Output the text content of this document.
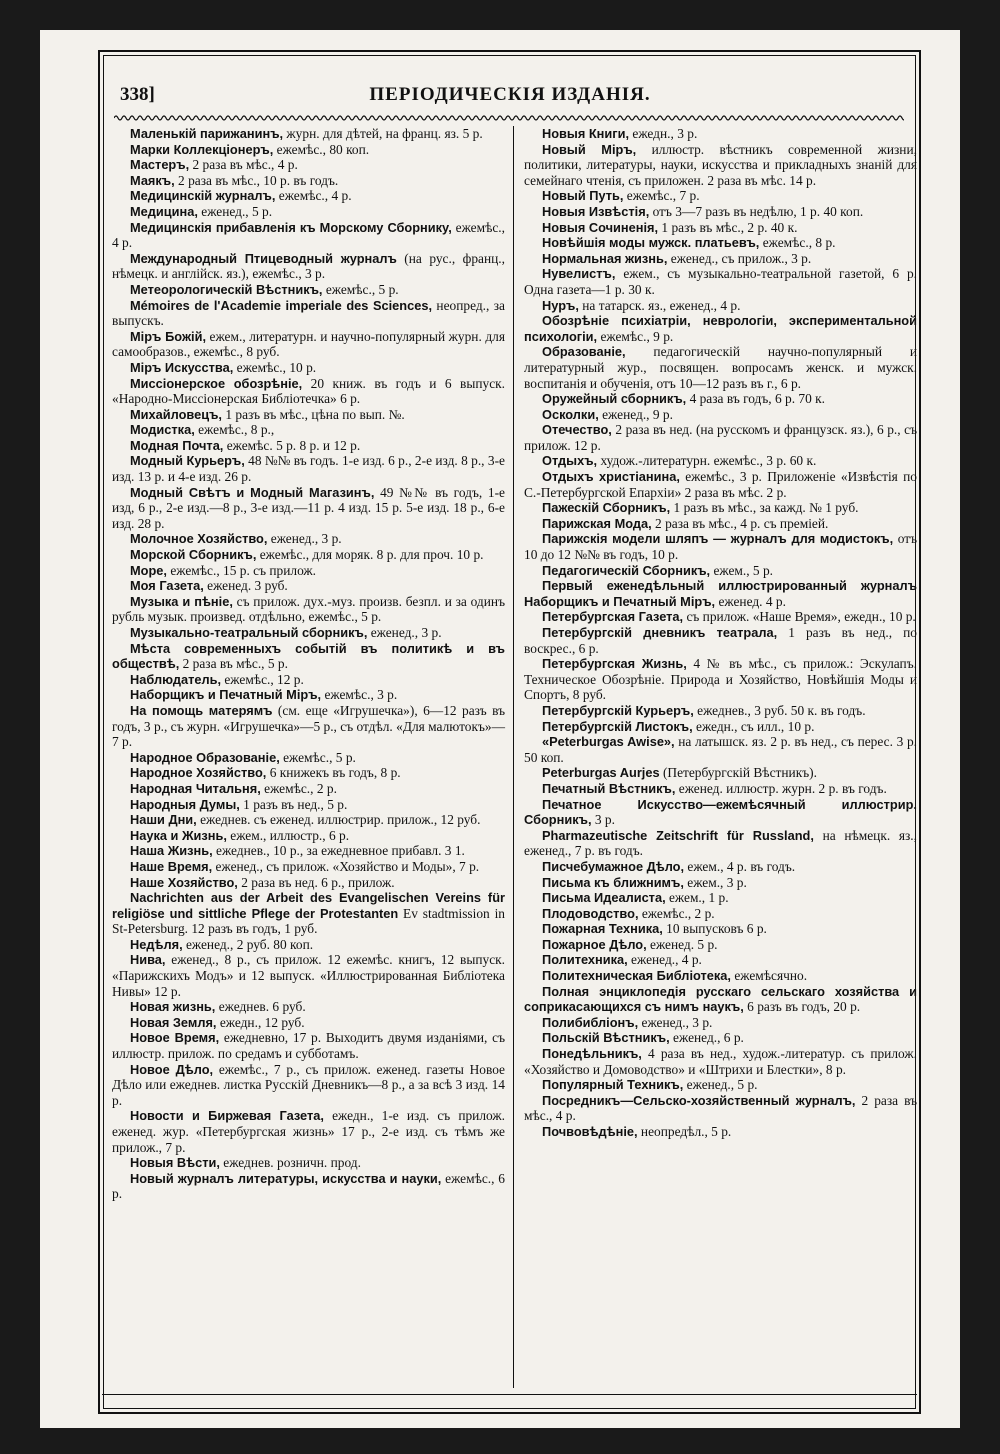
338]	ПЕРІОДИЧЕСКІЯ ИЗДАНІЯ.

Маленькій парижанинъ, журн. для дѣтей, на франц. яз. 5 р.

Марки Коллекціонеръ, ежемѣс., 80 коп.

Мастеръ, 2 раза въ мѣс., 4 р.

Маякъ, 2 раза въ мѣс., 10 р. въ годъ.

Медицинскій журналъ, ежемѣс., 4 р.

Медицина, еженед., 5 р.

Медицинскія прибавленія къ Морскому Сборнику, ежемѣс., 4 р.

Международный Птицеводный журналъ (на рус., франц., нѣмецк. и англійск. яз.), ежемѣс., 3 р.

Метеорологическій Вѣстникъ, ежемѣс., 5 р.

Mémoires de l'Academie imperiale des Sciences, неопред., за выпускъ.

Міръ Божій, ежем., литературн. и научно-популярный журн. для самообразов., ежемѣс., 8 руб.

Міръ Искусства, ежемѣс., 10 р.

Миссіонерское обозрѣніе, 20 книж. въ годъ и 6 выпуск. «Народно-Миссіонерская Библіотечка» 6 р.

Михайловецъ, 1 разъ въ мѣс., цѣна по вып. №.

Модистка, ежемѣс., 8 р.,

Модная Почта, ежемѣс. 5 р. 8 р. и 12 р.

Модный Курьеръ, 48 №№ въ годъ. 1-е изд. 6 р., 2-е изд. 8 р., 3-е изд. 13 р. и 4-е изд. 26 р.

Модный Свѣтъ и Модный Магазинъ, 49 №№ въ годъ, 1-е изд, 6 р., 2-е изд.—8 р., 3-е изд.—11 р. 4 изд. 15 р. 5-е изд. 18 р., 6-е изд. 28 р.

Молочное Хозяйство, еженед., 3 р.

Морской Сборникъ, ежемѣс., для моряк. 8 р. для проч. 10 р.

Море, ежемѣс., 15 р. съ прилож.

Моя Газета, еженед. 3 руб.

Музыка и пѣніе, съ прилож. дух.-муз. произв. безпл. и за одинъ рубль музык. произвед. отдѣльно, ежемѣс., 5 р.

Музыкально-театральный сборникъ, еженед., 3 р.

Мѣста современныхъ событій въ политикѣ и въ обществѣ, 2 раза въ мѣс., 5 р.

Наблюдатель, ежемѣс., 12 р.

Наборщикъ и Печатный Міръ, ежемѣс., 3 р.

На помощь матерямъ (см. еще «Игрушечка»), 6—12 разъ въ годъ, 3 р., съ журн. «Игрушечка»—5 р., съ отдѣл. «Для малютокъ»—7 р.

Народное Образованіе, ежемѣс., 5 р.

Народное Хозяйство, 6 книжекъ въ годъ, 8 р.

Народная Читальня, ежемѣс., 2 р.

Народныя Думы, 1 разъ въ нед., 5 р.

Наши Дни, ежеднев. съ еженед. иллюстрир. прилож., 12 руб.

Наука и Жизнь, ежем., иллюстр., 6 р.

Наша Жизнь, ежеднев., 10 р., за ежедневное прибавл. 3 1.

Наше Время, еженед., съ прилож. «Хозяйство и Моды», 7 р.

Наше Хозяйство, 2 раза въ нед. 6 р., прилож.

Nachrichten aus der Arbeit des Evangelischen Vereins für religiöse und sittliche Pflege der Protestanten Ev stadtmission in St-Petersburg. 12 разъ въ годъ, 1 руб.

Недѣля, еженед., 2 руб. 80 коп.

Нива, еженед., 8 р., съ прилож. 12 ежемѣс. книгъ, 12 выпуск. «Парижскихъ Модъ» и 12 выпуск. «Иллюстрированная Библіотека Нивы» 12 р.

Новая жизнь, ежеднев. 6 руб.

Новая Земля, ежедн., 12 руб.

Новое Время, ежедневно, 17 р. Выходитъ двумя изданіями, съ иллюстр. прилож. по средамъ и субботамъ.

Новое Дѣло, ежемѣс., 7 р., съ прилож. еженед. газеты Новое Дѣло или ежеднев. листка Русскій Дневникъ—8 р., а за всѣ 3 изд. 14 р.

Новости и Биржевая Газета, ежедн., 1-е изд. съ прилож. еженед. жур. «Петербургская жизнь» 17 р., 2-е изд. съ тѣмъ же прилож., 7 р.

Новыя Вѣсти, ежеднев. розничн. прод.

Новый журналъ литературы, искусства и науки, ежемѣс., 6 р.

Новыя Книги, ежедн., 3 р.

Новый Міръ, иллюстр. вѣстникъ современной жизни, политики, литературы, науки, искусства и прикладныхъ знаній для семейнаго чтенія, съ приложен. 2 раза въ мѣс. 14 р.

Новый Путь, ежемѣс., 7 р.

Новыя Извѣстія, отъ 3—7 разъ въ недѣлю, 1 р. 40 коп.

Новыя Сочиненія, 1 разъ въ мѣс., 2 р. 40 к.

Новѣйшія моды мужск. платьевъ, ежемѣс., 8 р.

Нормальная жизнь, еженед., съ прилож., 3 р.

Нувелистъ, ежем., съ музыкально-театральной газетой, 6 р. Одна газета—1 р. 30 к.

Нуръ, на татарск. яз., еженед., 4 р.

Обозрѣніе психіатріи, неврологіи, экспериментальной психологіи, ежемѣс., 9 р.

Образованіе, педагогическій научно-популярный и литературный жур., посвящен. вопросамъ женск. и мужск. воспитанія и обученія, отъ 10—12 разъ въ г., 6 р.

Оружейный сборникъ, 4 раза въ годъ, 6 р. 70 к.

Осколки, еженед., 9 р.

Отечество, 2 раза въ нед. (на русскомъ и французск. яз.), 6 р., съ прилож. 12 р.

Отдыхъ, худож.-литературн. ежемѣс., 3 р. 60 к.

Отдыхъ христіанина, ежемѣс., 3 р. Приложеніе «Извѣстія по С.-Петербургской Епархіи» 2 раза въ мѣс. 2 р.

Пажескій Сборникъ, 1 разъ въ мѣс., за кажд. № 1 руб.

Парижская Мода, 2 раза въ мѣс., 4 р. съ преміей.

Парижскія модели шляпъ — журналъ для модистокъ, отъ 10 до 12 №№ въ годъ, 10 р.

Педагогическій Сборникъ, ежем., 5 р.

Первый еженедѣльный иллюстрированный журналъ Наборщикъ и Печатный Міръ, еженед. 4 р.

Петербургская Газета, съ прилож. «Наше Время», ежедн., 10 р.

Петербургскій дневникъ театрала, 1 разъ въ нед., по воскрес., 6 р.

Петербургская Жизнь, 4 № въ мѣс., съ прилож.: Эскулапъ. Техническое Обозрѣніе. Природа и Хозяйство, Новѣйшія Моды и Спортъ, 8 руб.

Петербургскій Курьеръ, ежеднев., 3 руб. 50 к. въ годъ.

Петербургскій Листокъ, ежедн., съ илл., 10 р.

«Peterburgas Awise», на латышск. яз. 2 р. въ нед., съ перес. 3 р. 50 коп.

Peterburgas Aurjes (Петербургскій Вѣстникъ).

Печатный Вѣстникъ, еженед. иллюстр. журн. 2 р. въ годъ.

Печатное Искусство—ежемѣсячный иллюстрир. Сборникъ, 3 р.

Pharmazeutische Zeitschrift für Russland, на нѣмецк. яз., еженед., 7 р. въ годъ.

Писчебумажное Дѣло, ежем., 4 р. въ годъ.

Письма къ ближнимъ, ежем., 3 р.

Письма Идеалиста, ежем., 1 р.

Плодоводство, ежемѣс., 2 р.

Пожарная Техника, 10 выпусковъ 6 р.

Пожарное Дѣло, еженед. 5 р.

Политехника, еженед., 4 р.

Политехническая Библіотека, ежемѣсячно.

Полная энциклопедія русскаго сельскаго хозяйства и соприкасающихся съ нимъ наукъ, 6 разъ въ годъ, 20 р.

Полибибліонъ, еженед., 3 р.

Польскій Вѣстникъ, еженед., 6 р.

Понедѣльникъ, 4 раза въ нед., худож.-литератур. съ прилож. «Хозяйство и Домоводство» и «Штрихи и Блестки», 8 р.

Популярный Техникъ, еженед., 5 р.

Посредникъ—Сельско-хозяйственный журналъ, 2 раза въ мѣс., 4 р.

Почвовѣдѣніе, неопредѣл., 5 р.
